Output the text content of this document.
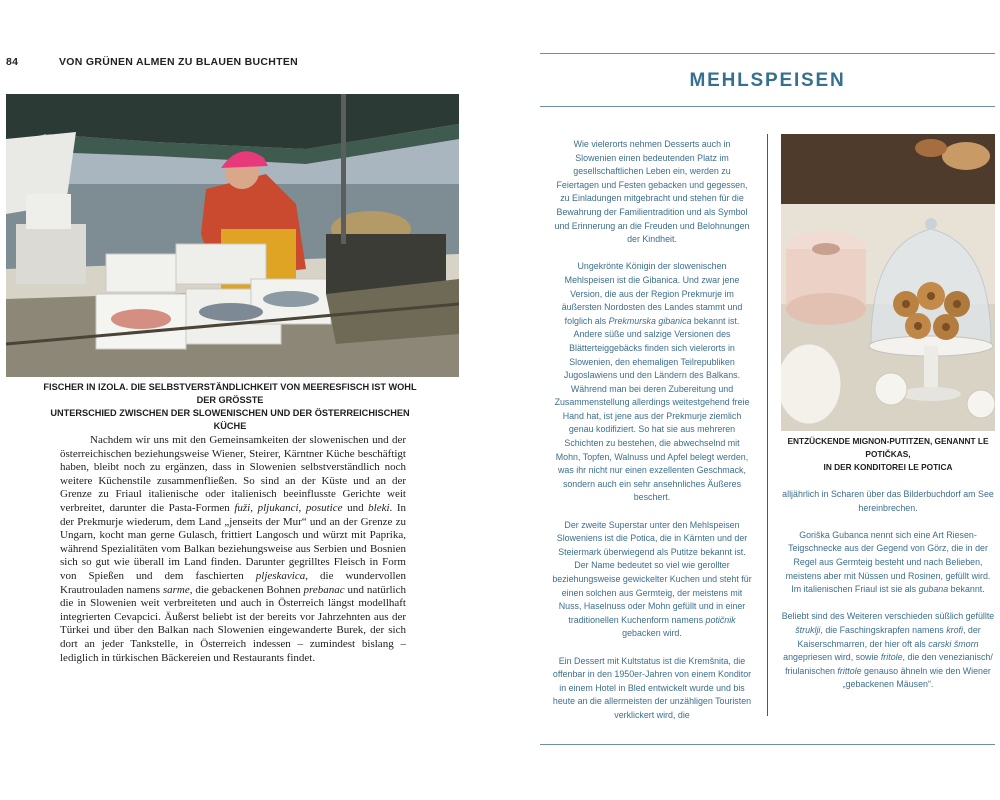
84	VON GRÜNEN ALMEN ZU BLAUEN BUCHTEN
FISCHER IN IZOLA. DIE SELBSTVERSTÄNDLICHKEIT VON MEERESFISCH IST WOHL DER GRÖSSTE
UNTERSCHIED ZWISCHEN DER SLOWENISCHEN UND DER ÖSTERREICHISCHEN KÜCHE

Nachdem wir uns mit den Gemeinsamkeiten der slowenischen und der österreichischen beziehungsweise Wiener, Steirer, Kärntner Küche beschäftigt haben, bleibt noch zu ergänzen, dass in Slowenien selbstverständlich noch weitere Küchenstile zusammenfließen. So sind an der Küste und an der Grenze zu Friaul italienische oder italienisch beeinflusste Gerichte weit verbreitet, darunter die Pasta-Formen fuži, pljukanci, posutice und bleki. In der Prekmurje wiederum, dem Land „jenseits der Mur“ und an der Grenze zu Ungarn, kocht man gerne Gulasch, frittiert Langosch und würzt mit Paprika, während Spezialitäten vom Balkan beziehungsweise aus Serbien und Bosnien sich so gut wie überall im Land finden. Darunter gegrilltes Fleisch in Form von Spießen und dem faschierten pljeskavica, die wundervollen Krautrouladen namens sarme, die gebackenen Bohnen prebanac und natürlich die in Slowenien weit verbreiteten und auch in Österreich längst modellhaft integrierten Cevapcici. Äußerst beliebt ist der bereits vor Jahrzehnten aus der Türkei und über den Balkan nach Slowenien eingewanderte Burek, der sich dort an jeder Tankstelle, in Österreich indessen – zumindest bislang – lediglich in türkischen Bäckereien und Restaurants findet.

MEHLSPEISEN

Wie vielerorts nehmen Desserts auch in Slowenien einen bedeutenden Platz im gesellschaftlichen Leben ein, werden zu Feiertagen und Festen gebacken und gegessen, zu Einladungen mitgebracht und stehen für die Bewahrung der Familientradition und als Symbol und Erinnerung an die Freuden und Belohnungen der Kindheit.

Ungekrönte Königin der slowenischen Mehlspeisen ist die Gibanica. Und zwar jene Version, die aus der Region Prekmurje im äußersten Nordosten des Landes stammt und folglich als Prekmurska gibanica bekannt ist. Andere süße und salzige Versionen des Blätterteiggebäcks finden sich vielerorts in Slowenien, den ehemaligen Teilrepubliken Jugoslawiens und den Ländern des Balkans. Während man bei deren Zubereitung und Zusammenstellung allerdings weitestgehend freie Hand hat, ist jene aus der Prekmurje ziemlich genau kodifiziert. So hat sie aus mehreren Schichten zu bestehen, die abwechselnd mit Mohn, Topfen, Walnuss und Apfel belegt werden, was ihr nicht nur einen exzellenten Geschmack, sondern auch ein sehr ansehnliches Äußeres beschert.

Der zweite Superstar unter den Mehlspeisen Sloweniens ist die Potica, die in Kärnten und der Steiermark überwiegend als Putitze bekannt ist. Der Name bedeutet so viel wie gerollter beziehungsweise gewickelter Kuchen und steht für einen solchen aus Germteig, der meistens mit Nuss, Haselnuss oder Mohn gefüllt und in einer traditionellen Kuchenform namens potičnik gebacken wird.

Ein Dessert mit Kultstatus ist die Kremšnita, die offenbar in den 1950er-Jahren von einem Konditor in einem Hotel in Bled entwickelt wurde und bis heute an die allermeisten der unzähligen Touristen verklickert wird, die

ENTZÜCKENDE MIGNON-PUTITZEN, GENANNT LE POTIČKAS,
IN DER KONDITOREI LE POTICA

alljährlich in Scharen über das Bilderbuchdorf am See hereinbrechen.

Goriška Gubanca nennt sich eine Art Riesen-Teigschnecke aus der Gegend von Görz, die in der Regel aus Germteig besteht und nach Belieben, meistens aber mit Nüssen und Rosinen, gefüllt wird. Im italienischen Friaul ist sie als gubana bekannt.

Beliebt sind des Weiteren verschieden süßlich gefüllte štruklji, die Faschingskrapfen namens krofi, der Kaiserschmarren, der hier oft als carski šmorn angepriesen wird, sowie fritole, die den venezianisch/ friulanischen frittole genauso ähneln wie den Wiener „gebackenen Mäusen“.
